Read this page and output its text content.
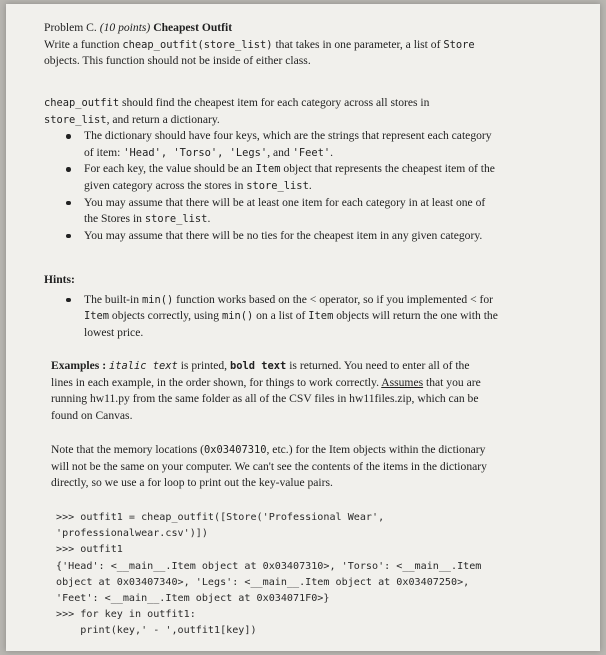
Problem C. (10 points) Cheapest Outfit
Write a function cheap_outfit(store_list) that takes in one parameter, a list of Store
objects. This function should not be inside of either class.
cheap_outfit should find the cheapest item for each category across all stores in
store_list, and return a dictionary.
The dictionary should have four keys, which are the strings that represent each category
of item: 'Head', 'Torso', 'Legs', and 'Feet'.
For each key, the value should be an Item object that represents the cheapest item of the
given category across the stores in store_list.
You may assume that there will be at least one item for each category in at least one of
the Stores in store_list.
You may assume that there will be no ties for the cheapest item in any given category.
Hints:
The built-in min() function works based on the < operator, so if you implemented < for
Item objects correctly, using min() on a list of Item objects will return the one with the
lowest price.
Examples : italic text is printed, bold text is returned. You need to enter all of the
lines in each example, in the order shown, for things to work correctly. Assumes that you are
running hw11.py from the same folder as all of the CSV files in hw11files.zip, which can be
found on Canvas.
Note that the memory locations (0x03407310, etc.) for the Item objects within the dictionary
will not be the same on your computer. We can't see the contents of the items in the dictionary
directly, so we use a for loop to print out the key-value pairs.
>>> outfit1 = cheap_outfit([Store('Professional Wear',
'professionalwear.csv')])
>>> outfit1
{'Head': <__main__.Item object at 0x03407310>, 'Torso': <__main__.Item
object at 0x03407340>, 'Legs': <__main__.Item object at 0x03407250>,
'Feet': <__main__.Item object at 0x034071F0>}
>>> for key in outfit1:
print(key,' - ',outfit1[key])
